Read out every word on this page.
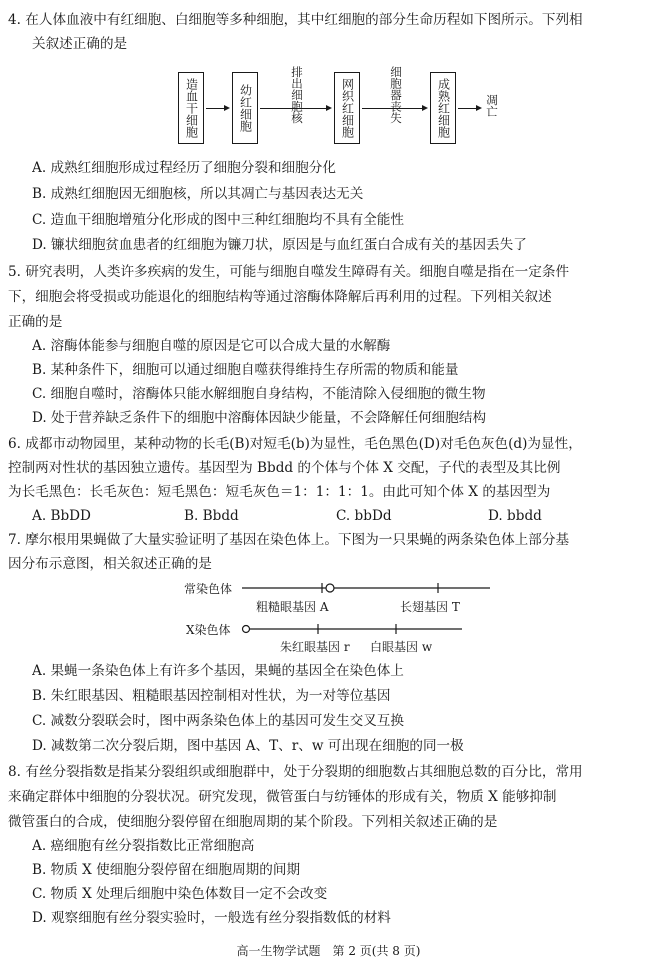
4. 在人体血液中有红细胞、白细胞等多种细胞，其中红细胞的部分生命历程如下图所示。下列相
关叙述正确的是
造血干细胞	幼红细胞	排出细胞核	网织红细胞	细胞器丧失	成熟红细胞	凋亡
A. 成熟红细胞形成过程经历了细胞分裂和细胞分化
B. 成熟红细胞因无细胞核，所以其凋亡与基因表达无关
C. 造血干细胞增殖分化形成的图中三种红细胞均不具有全能性
D. 镰状细胞贫血患者的红细胞为镰刀状，原因是与血红蛋白合成有关的基因丢失了
5. 研究表明，人类许多疾病的发生，可能与细胞自噬发生障碍有关。细胞自噬是指在一定条件
下，细胞会将受损或功能退化的细胞结构等通过溶酶体降解后再利用的过程。下列相关叙述
正确的是
A. 溶酶体能参与细胞自噬的原因是它可以合成大量的水解酶
B. 某种条件下，细胞可以通过细胞自噬获得维持生存所需的物质和能量
C. 细胞自噬时，溶酶体只能水解细胞自身结构，不能清除入侵细胞的微生物
D. 处于营养缺乏条件下的细胞中溶酶体因缺少能量，不会降解任何细胞结构
6. 成都市动物园里，某种动物的长毛(B)对短毛(b)为显性，毛色黑色(D)对毛色灰色(d)为显性，
控制两对性状的基因独立遗传。基因型为 Bbdd 的个体与个体 X 交配，子代的表型及其比例
为长毛黑色：长毛灰色：短毛黑色：短毛灰色＝1：1：1：1。由此可知个体 X 的基因型为
A. BbDD	B. Bbdd	C. bbDd	D. bbdd
7. 摩尔根用果蝇做了大量实验证明了基因在染色体上。下图为一只果蝇的两条染色体上部分基
因分布示意图，相关叙述正确的是
常染色体
粗糙眼基因 A	长翅基因 T
X染色体
朱红眼基因 r 白眼基因 w
A. 果蝇一条染色体上有许多个基因，果蝇的基因全在染色体上
B. 朱红眼基因、粗糙眼基因控制相对性状，为一对等位基因
C. 减数分裂联会时，图中两条染色体上的基因可发生交叉互换
D. 减数第二次分裂后期，图中基因 A、T、r、w 可出现在细胞的同一极
8. 有丝分裂指数是指某分裂组织或细胞群中，处于分裂期的细胞数占其细胞总数的百分比，常用
来确定群体中细胞的分裂状况。研究发现，微管蛋白与纺锤体的形成有关，物质 X 能够抑制
微管蛋白的合成，使细胞分裂停留在细胞周期的某个阶段。下列相关叙述正确的是
A. 癌细胞有丝分裂指数比正常细胞高
B. 物质 X 使细胞分裂停留在细胞周期的间期
C. 物质 X 处理后细胞中染色体数目一定不会改变
D. 观察细胞有丝分裂实验时，一般选有丝分裂指数低的材料
高一生物学试题　第 2 页(共 8 页)
